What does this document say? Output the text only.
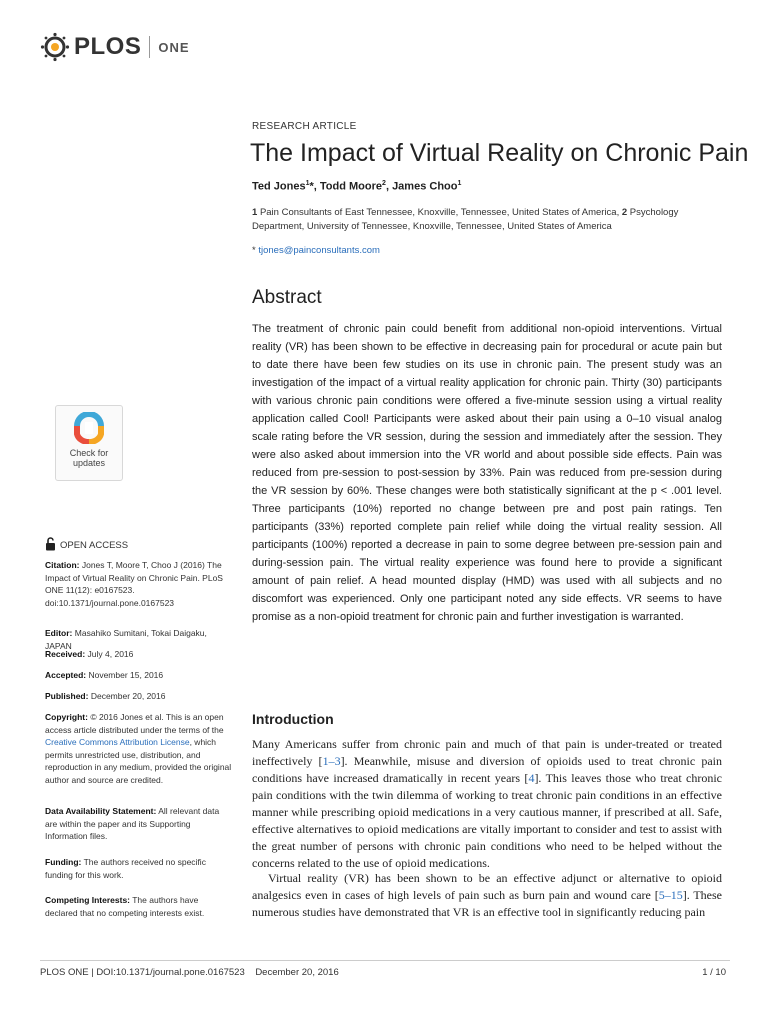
PLOS ONE
RESEARCH ARTICLE
The Impact of Virtual Reality on Chronic Pain
Ted Jones$^1$*, Todd Moore$^2$, James Choo$^1$
1 Pain Consultants of East Tennessee, Knoxville, Tennessee, United States of America, 2 Psychology Department, University of Tennessee, Knoxville, Tennessee, United States of America
* tjones@painconsultants.com
Abstract

The treatment of chronic pain could benefit from additional non-opioid interventions. Virtual reality (VR) has been shown to be effective in decreasing pain for procedural or acute pain but to date there have been few studies on its use in chronic pain. The present study was an investigation of the impact of a virtual reality application for chronic pain. Thirty (30) participants with various chronic pain conditions were offered a five-minute session using a virtual reality application called Cool! Participants were asked about their pain using a 0–10 visual analog scale rating before the VR session, during the session and immediately after the session. They were also asked about immersion into the VR world and about possible side effects. Pain was reduced from pre-session to post-session by 33%. Pain was reduced from pre-session during the VR session by 60%. These changes were both statistically significant at the p < .001 level. Three participants (10%) reported no change between pre and post pain ratings. Ten participants (33%) reported complete pain relief while doing the virtual reality session. All participants (100%) reported a decrease in pain to some degree between pre-session pain and during-session pain. The virtual reality experience was found here to provide a significant amount of pain relief. A head mounted display (HMD) was used with all subjects and no discomfort was experienced. Only one participant noted any side effects. VR seems to have promise as a non-opioid treatment for chronic pain and further investigation is warranted.

Check for updates
OPEN ACCESS

Citation: Jones T, Moore T, Choo J (2016) The Impact of Virtual Reality on Chronic Pain. PLoS ONE 11(12): e0167523. doi:10.1371/journal.pone.0167523

Editor: Masahiko Sumitani, Tokai Daigaku, JAPAN

Received: July 4, 2016

Accepted: November 15, 2016

Published: December 20, 2016

Copyright: © 2016 Jones et al. This is an open access article distributed under the terms of the Creative Commons Attribution License, which permits unrestricted use, distribution, and reproduction in any medium, provided the original author and source are credited.

Data Availability Statement: All relevant data are within the paper and its Supporting Information files.

Funding: The authors received no specific funding for this work.

Competing Interests: The authors have declared that no competing interests exist.

Introduction

Many Americans suffer from chronic pain and much of that pain is under-treated or treated ineffectively [1–3]. Meanwhile, misuse and diversion of opioids used to treat chronic pain conditions have increased dramatically in recent years [4]. This leaves those who treat chronic pain conditions with the twin dilemma of working to treat chronic pain conditions in an effective manner while prescribing opioid medications in a very cautious manner, if prescribed at all. Safe, effective alternatives to opioid medications are vitally important to consider and test to assist with the great number of persons with chronic pain conditions who need to be helped without the concerns related to the use of opioid medications.

Virtual reality (VR) has been shown to be an effective adjunct or alternative to opioid analgesics even in cases of high levels of pain such as burn pain and wound care [5–15]. These numerous studies have demonstrated that VR is an effective tool in significantly reducing pain

PLOS ONE | DOI:10.1371/journal.pone.0167523 December 20, 2016	1 / 10
